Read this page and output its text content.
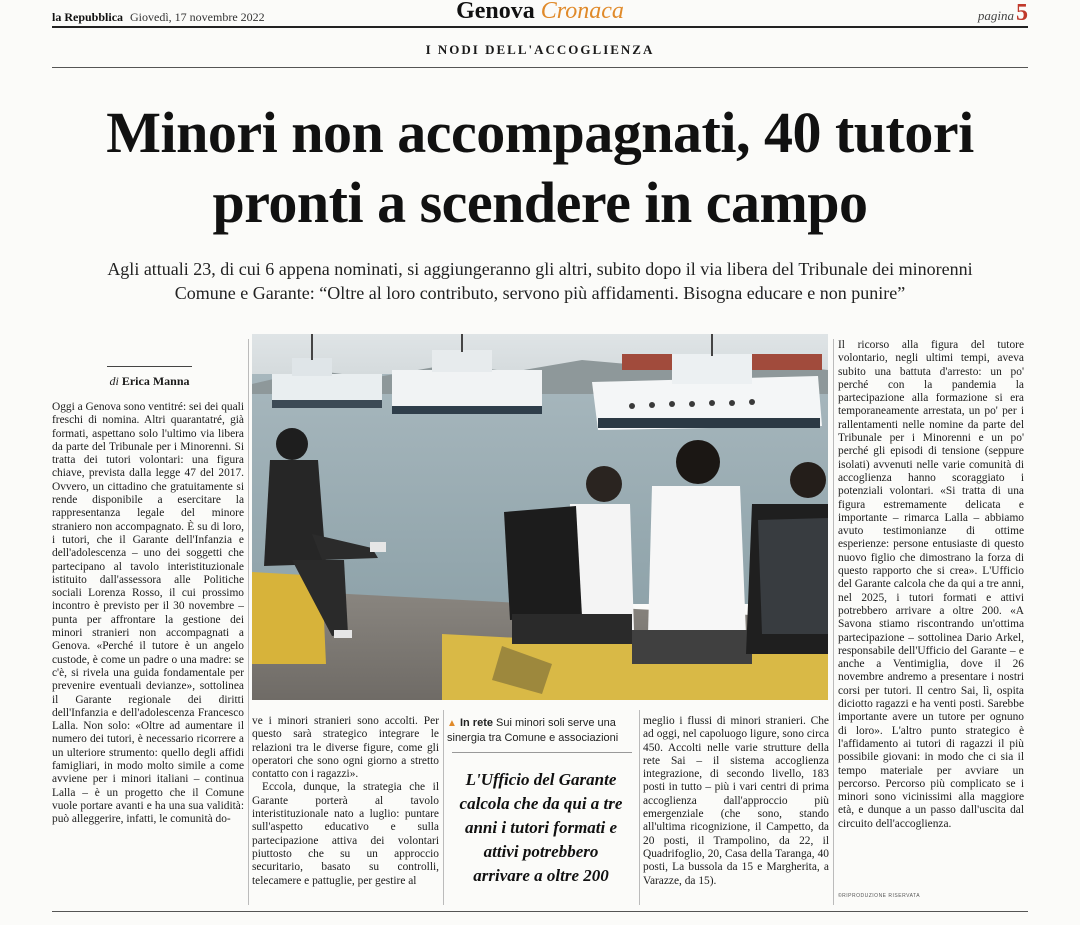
la Repubblica Giovedì, 17 novembre 2022	Genova Cronaca	pagina5
I NODI DELL'ACCOGLIENZA
Minori non accompagnati, 40 tutori
pronti a scendere in campo
Agli attuali 23, di cui 6 appena nominati, si aggiungeranno gli altri, subito dopo il via libera del Tribunale dei minorenni
Comune e Garante: “Oltre al loro contributo, servono più affidamenti. Bisogna educare e non punire”
di Erica Manna

Oggi a Genova sono ventitré: sei dei quali freschi di nomina. Altri quarantatré, già formati, aspettano solo l'ultimo via libera da parte del Tribunale per i Minorenni. Si tratta dei tutori volontari: una figura chiave, prevista dalla legge 47 del 2017. Ovvero, un cittadino che gratuitamente si rende disponibile a esercitare la rappresentanza legale del minore straniero non accompagnato. È su di loro, i tutori, che il Garante dell'Infanzia e dell'adolescenza – uno dei soggetti che partecipano al tavolo interistituzionale istituito dall'assessora alle Politiche sociali Lorenza Rosso, il cui prossimo incontro è previsto per il 30 novembre – punta per affrontare la gestione dei minori stranieri non accompagnati a Genova. «Perché il tutore è un angelo custode, è come un padre o una madre: se c'è, si rivela una guida fondamentale per prevenire eventuali devianze», sottolinea il Garante regionale dei diritti dell'Infanzia e dell'adolescenza Francesco Lalla. Non solo: «Oltre ad aumentare il numero dei tutori, è necessario ricorrere a un ulteriore strumento: quello degli affidi famigliari, in modo molto simile a come avviene per i minori italiani – continua Lalla – è un progetto che il Comune vuole portare avanti e ha una sua validità: può alleggerire, infatti, le comunità do-

▲ In rete Sui minori soli serve una sinergia tra Comune e associazioni
L'Ufficio del Garante
calcola che da qui a tre
anni i tutori formati e
attivi potrebbero
arrivare a oltre 200

ve i minori stranieri sono accolti. Per questo sarà strategico integrare le relazioni tra le diverse figure, come gli operatori che sono ogni giorno a stretto contatto con i ragazzi».

Eccola, dunque, la strategia che il Garante porterà al tavolo interistituzionale nato a luglio: puntare sull'aspetto educativo e sulla partecipazione attiva dei volontari piuttosto che su un approccio securitario, basato su controlli, telecamere e pattuglie, per gestire al

meglio i flussi di minori stranieri. Che ad oggi, nel capoluogo ligure, sono circa 450. Accolti nelle varie strutture della rete Sai – il sistema accoglienza integrazione, di secondo livello, 183 posti in tutto – più i vari centri di prima accoglienza dall'approccio più emergenziale (che sono, stando all'ultima ricognizione, il Campetto, da 20 posti, il Trampolino, da 22, il Quadrifoglio, 20, Casa della Taranga, 40 posti, La bussola da 15 e Margherita, a Varazze, da 15).

Il ricorso alla figura del tutore volontario, negli ultimi tempi, aveva subito una battuta d'arresto: un po' perché con la pandemia la partecipazione alla formazione si era temporaneamente arrestata, un po' per i rallentamenti nelle nomine da parte del Tribunale per i Minorenni e un po' perché gli episodi di tensione (seppure isolati) avvenuti nelle varie comunità di accoglienza hanno scoraggiato i potenziali volontari. «Si tratta di una figura estremamente delicata e importante – rimarca Lalla – abbiamo avuto testimonianze di ottime esperienze: persone entusiaste di questo nuovo figlio che dimostrano la forza di questo rapporto che si crea». L'Ufficio del Garante calcola che da qui a tre anni, nel 2025, i tutori formati e attivi potrebbero arrivare a oltre 200. «A Savona stiamo riscontrando un'ottima partecipazione – sottolinea Dario Arkel, responsabile dell'Ufficio del Garante – e anche a Ventimiglia, dove il 26 novembre andremo a presentare i nostri corsi per tutori. Il centro Sai, lì, ospita diciotto ragazzi e ha venti posti. Sarebbe importante avere un tutore per ognuno di loro». L'altro punto strategico è l'affidamento ai tutori di ragazzi il più possibile giovani: in modo che ci sia il tempo materiale per avviare un percorso. Percorso più complicato se i minori sono vicinissimi alla maggiore età, e dunque a un passo dall'uscita dal circuito dell'accoglienza.

©RIPRODUZIONE RISERVATA
